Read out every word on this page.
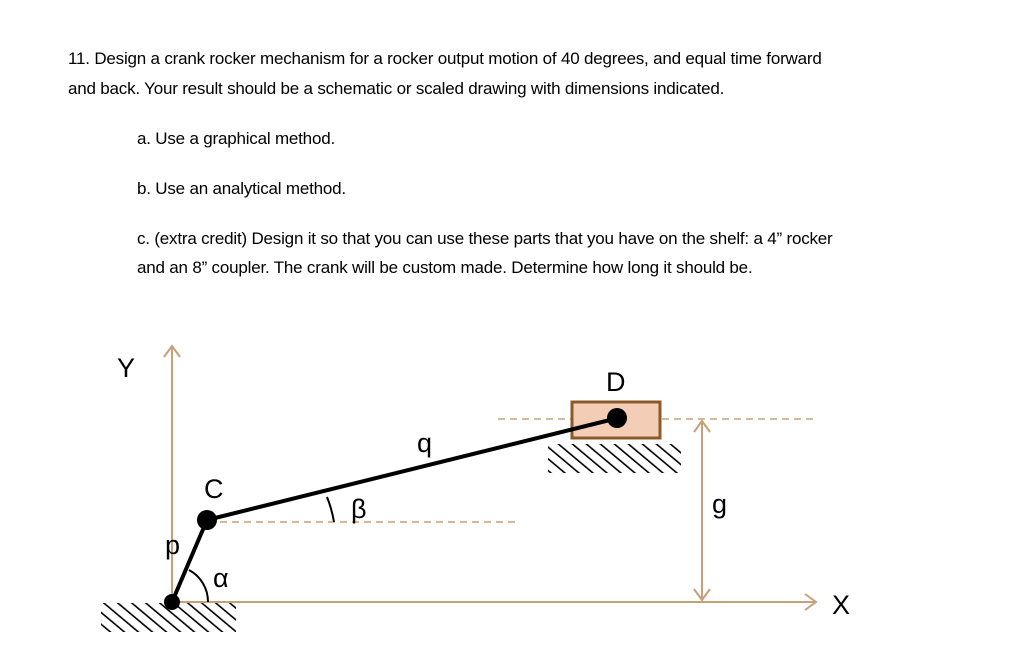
11. Design a crank rocker mechanism for a rocker output motion of 40 degrees, and equal time forward
and back. Your result should be a schematic or scaled drawing with dimensions indicated.
a. Use a graphical method.
b. Use an analytical method.
c. (extra credit) Design it so that you can use these parts that you have on the shelf: a 4” rocker
and an 8” coupler. The crank will be custom made. Determine how long it should be.
Y
X
C
D
p
q
g
α
β
